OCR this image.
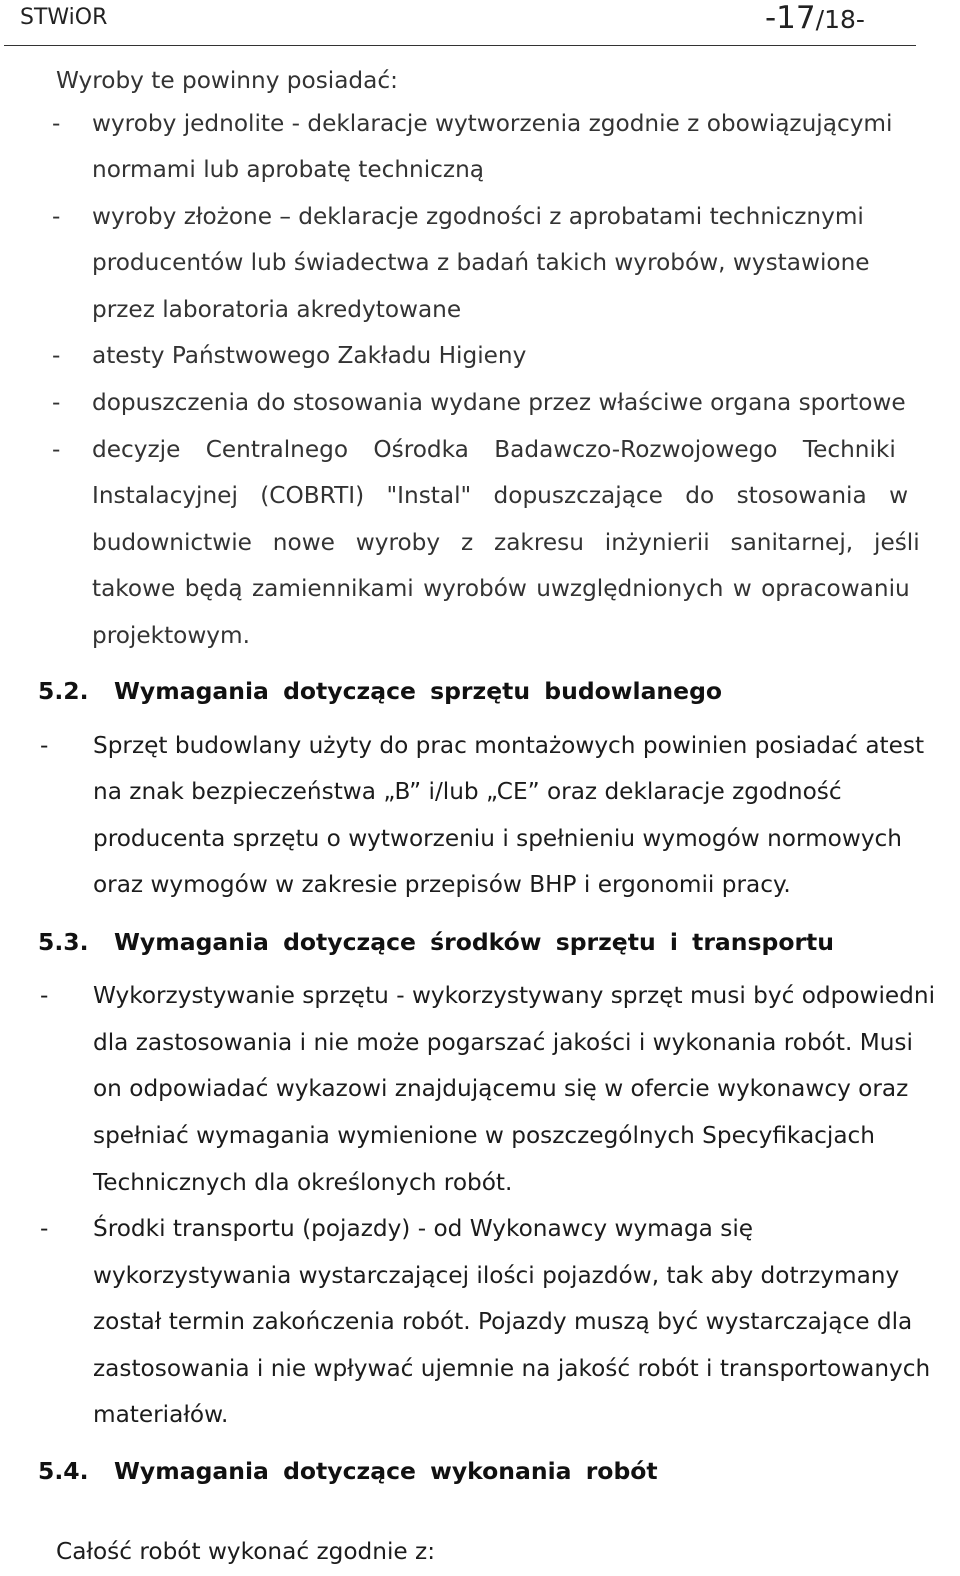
STWiOR	-17/18-
Wyroby te powinny posiadać:
- wyroby jednolite - deklaracje wytworzenia zgodnie z obowiązującymi
normami lub aprobatę techniczną
- wyroby złożone – deklaracje zgodności z aprobatami technicznymi
producentów lub świadectwa z badań takich wyrobów, wystawione
przez laboratoria akredytowane
- atesty Państwowego Zakładu Higieny
- dopuszczenia do stosowania wydane przez właściwe organa sportowe
- decyzje Centralnego Ośrodka Badawczo-Rozwojowego Techniki
Instalacyjnej (COBRTI) "Instal" dopuszczające do stosowania w
budownictwie nowe wyroby z zakresu inżynierii sanitarnej, jeśli
takowe będą zamiennikami wyrobów uwzględnionych w opracowaniu
projektowym.
5.2. Wymagania dotyczące sprzętu budowlanego
- Sprzęt budowlany użyty do prac montażowych powinien posiadać atest
na znak bezpieczeństwa „B” i/lub „CE” oraz deklaracje zgodność
producenta sprzętu o wytworzeniu i spełnieniu wymogów normowych
oraz wymogów w zakresie przepisów BHP i ergonomii pracy.
5.3. Wymagania dotyczące środków sprzętu i transportu
- Wykorzystywanie sprzętu - wykorzystywany sprzęt musi być odpowiedni
dla zastosowania i nie może pogarszać jakości i wykonania robót. Musi
on odpowiadać wykazowi znajdującemu się w ofercie wykonawcy oraz
spełniać wymagania wymienione w poszczególnych Specyfikacjach
Technicznych dla określonych robót.
- Środki transportu (pojazdy) - od Wykonawcy wymaga się
wykorzystywania wystarczającej ilości pojazdów, tak aby dotrzymany
został termin zakończenia robót. Pojazdy muszą być wystarczające dla
zastosowania i nie wpływać ujemnie na jakość robót i transportowanych
materiałów.
5.4. Wymagania dotyczące wykonania robót
Całość robót wykonać zgodnie z:
